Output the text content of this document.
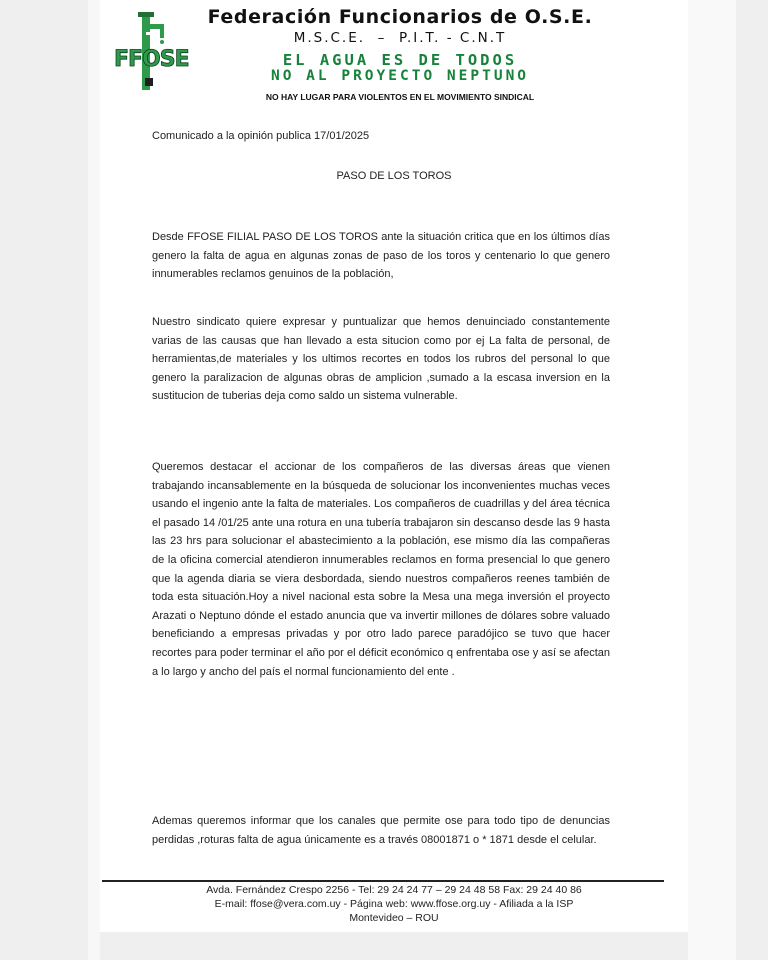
FFOSE
Federación Funcionarios de O.S.E.
M.S.C.E.  –  P.I.T. - C.N.T
EL AGUA ES DE TODOS
NO AL PROYECTO NEPTUNO
NO HAY LUGAR PARA VIOLENTOS EN EL MOVIMIENTO SINDICAL
Comunicado a la opinión publica 17/01/2025
PASO DE LOS TOROS
Desde FFOSE FILIAL PASO DE LOS TOROS ante la situación critica que en los últimos días genero la falta de agua en algunas zonas de paso de los toros y centenario lo que genero innumerables reclamos genuinos de la población,
Nuestro sindicato quiere expresar y puntualizar que hemos denuinciado constantemente varias de las causas que han llevado a esta situcion como por ej La falta de personal, de herramientas,de materiales y los ultimos recortes en todos los rubros del personal lo que genero la paralizacion de algunas obras de amplicion ,sumado a la escasa inversion en la sustitucion de tuberias deja como saldo un sistema vulnerable.
Queremos destacar el accionar de los compañeros de las diversas áreas que vienen trabajando incansablemente en la búsqueda de solucionar los inconvenientes muchas veces usando el ingenio ante la falta de materiales. Los compañeros de cuadrillas y del área técnica el pasado 14 /01/25 ante una rotura en una tubería trabajaron sin descanso desde las 9 hasta las 23 hrs para solucionar el abastecimiento a la población, ese mismo día las compañeras de la oficina comercial atendieron innumerables reclamos en forma presencial lo que genero que la agenda diaria se viera desbordada, siendo nuestros compañeros reenes también de toda esta situación.Hoy a nivel nacional esta sobre la Mesa una mega inversión el proyecto Arazati o Neptuno dónde el estado anuncia que va invertir millones de dólares sobre valuado beneficiando a empresas privadas y por otro lado parece paradójico se tuvo que hacer recortes para poder terminar el año por el déficit económico q enfrentaba ose y así se afectan a lo largo y ancho del país el normal funcionamiento del ente .
Ademas queremos informar que los canales que permite ose para todo tipo de denuncias perdidas ,roturas falta de agua únicamente es a través 08001871 o * 1871 desde el celular.
Avda. Fernández Crespo 2256 - Tel: 29 24 24 77 – 29 24 48 58 Fax: 29 24 40 86
E-mail: ffose@vera.com.uy - Página web: www.ffose.org.uy - Afiliada a la ISP
Montevideo – ROU
